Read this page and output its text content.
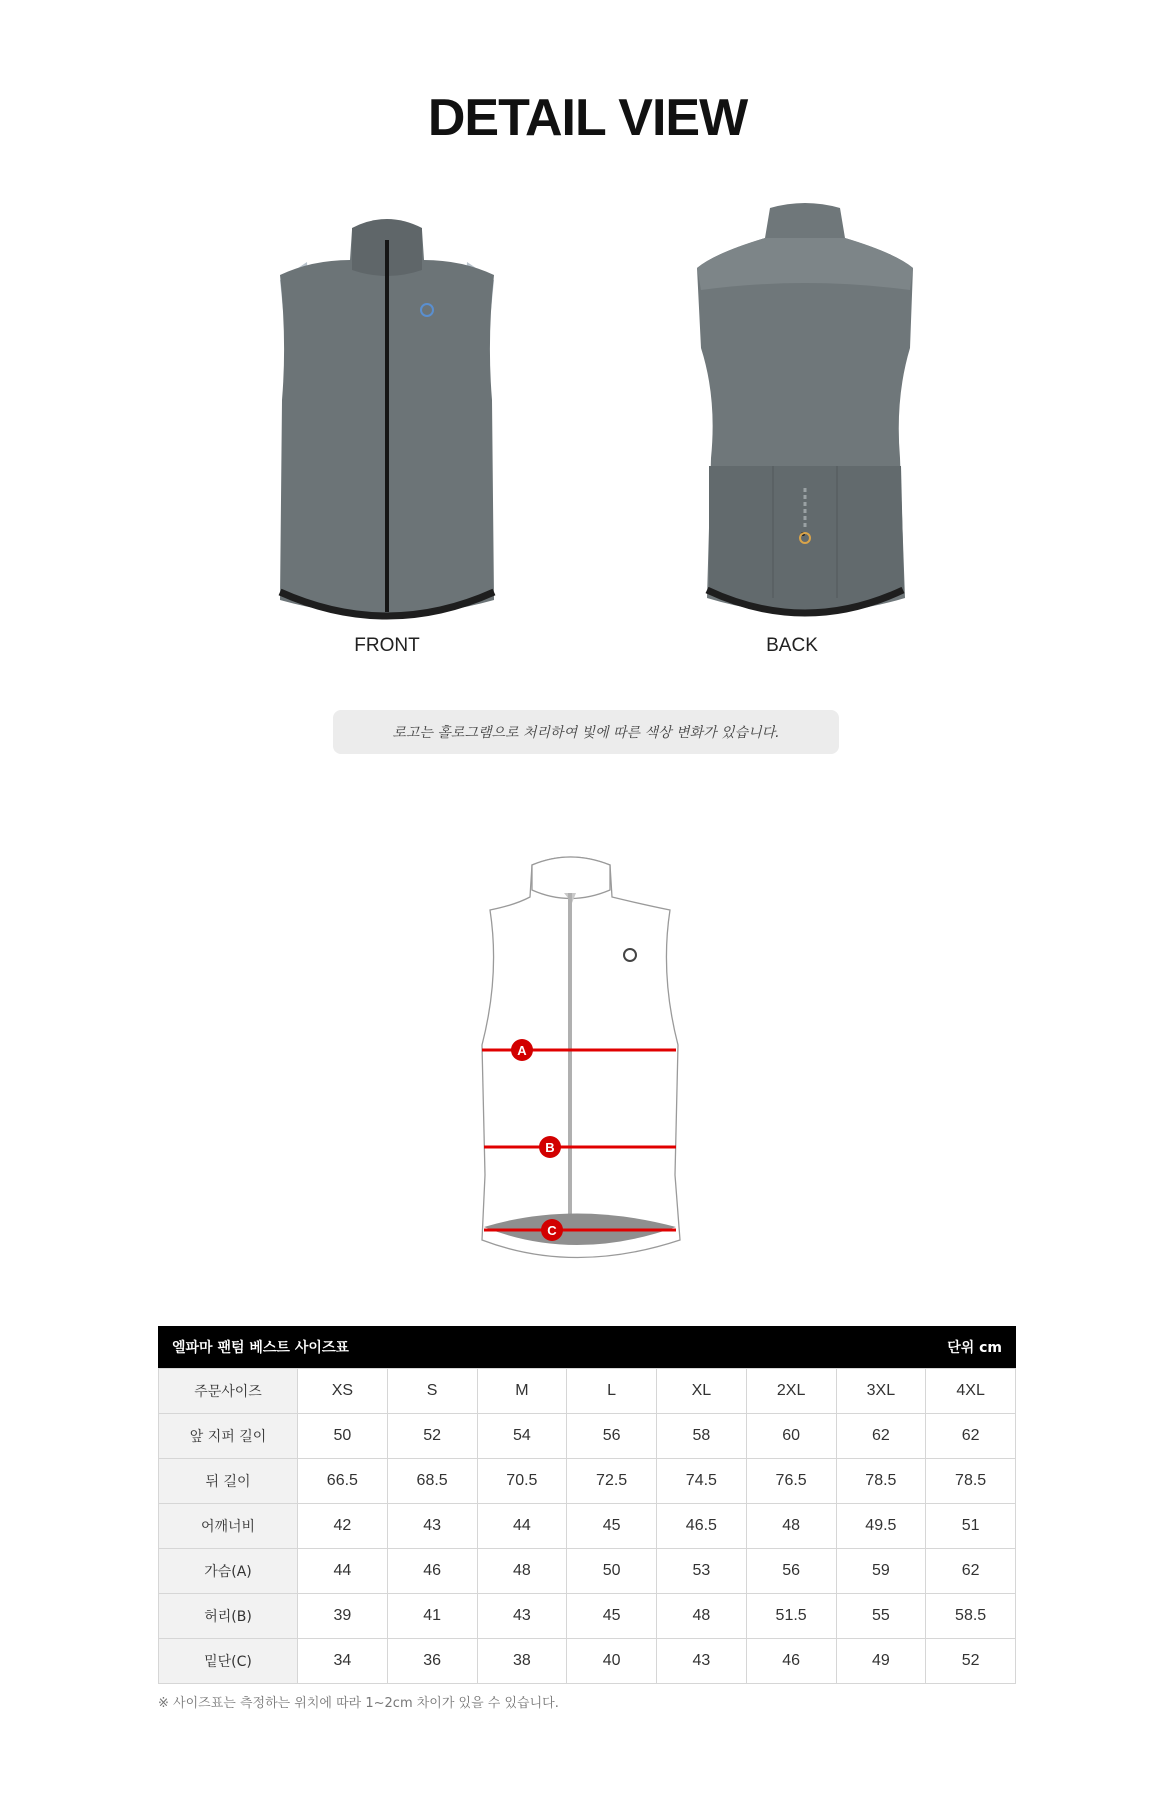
DETAIL VIEW
FRONT	BACK
로고는 홀로그램으로 처리하여 빛에 따른 색상 변화가 있습니다.
A
B
C
엘파마 팬텀 베스트 사이즈표	단위 cm
주문사이즈	XS	S	M	L	XL	2XL	3XL	4XL
앞 지퍼 길이	50	52	54	56	58	60	62	62
뒤 길이	66.5	68.5	70.5	72.5	74.5	76.5	78.5	78.5
어깨너비	42	43	44	45	46.5	48	49.5	51
가슴(A)	44	46	48	50	53	56	59	62
허리(B)	39	41	43	45	48	51.5	55	58.5
밑단(C)	34	36	38	40	43	46	49	52
※ 사이즈표는 측정하는 위치에 따라 1~2cm 차이가 있을 수 있습니다.
